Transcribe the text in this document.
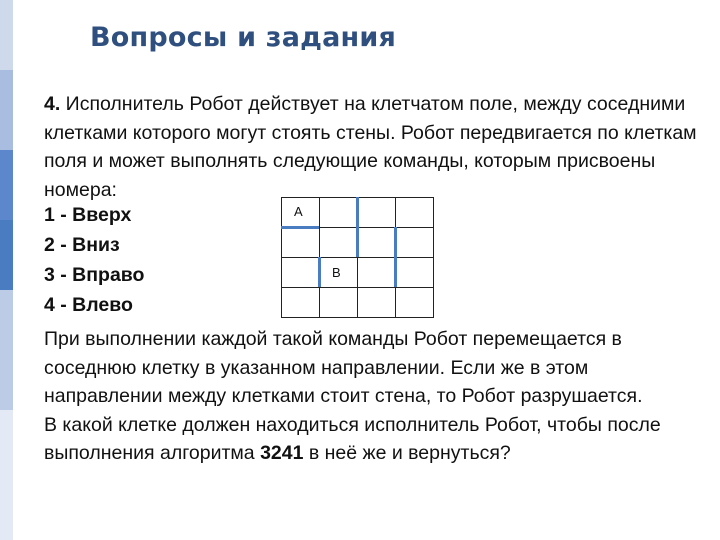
Вопросы и задания
4. Исполнитель Робот действует на клетчатом поле, между соседними клетками которого могут стоять стены. Робот передвигается по клеткам поля и может выполнять следующие команды, которым присвоены номера:
1 - Вверх
2 - Вниз
3 - Вправо
4 - Влево
A
B
При выполнении каждой такой команды Робот перемещается в соседнюю клетку в указанном направлении. Если же в этом направлении между клетками стоит стена, то Робот разрушается.
В какой клетке должен находиться исполнитель Робот, чтобы после выполнения алгоритма 3241 в неё же и вернуться?
